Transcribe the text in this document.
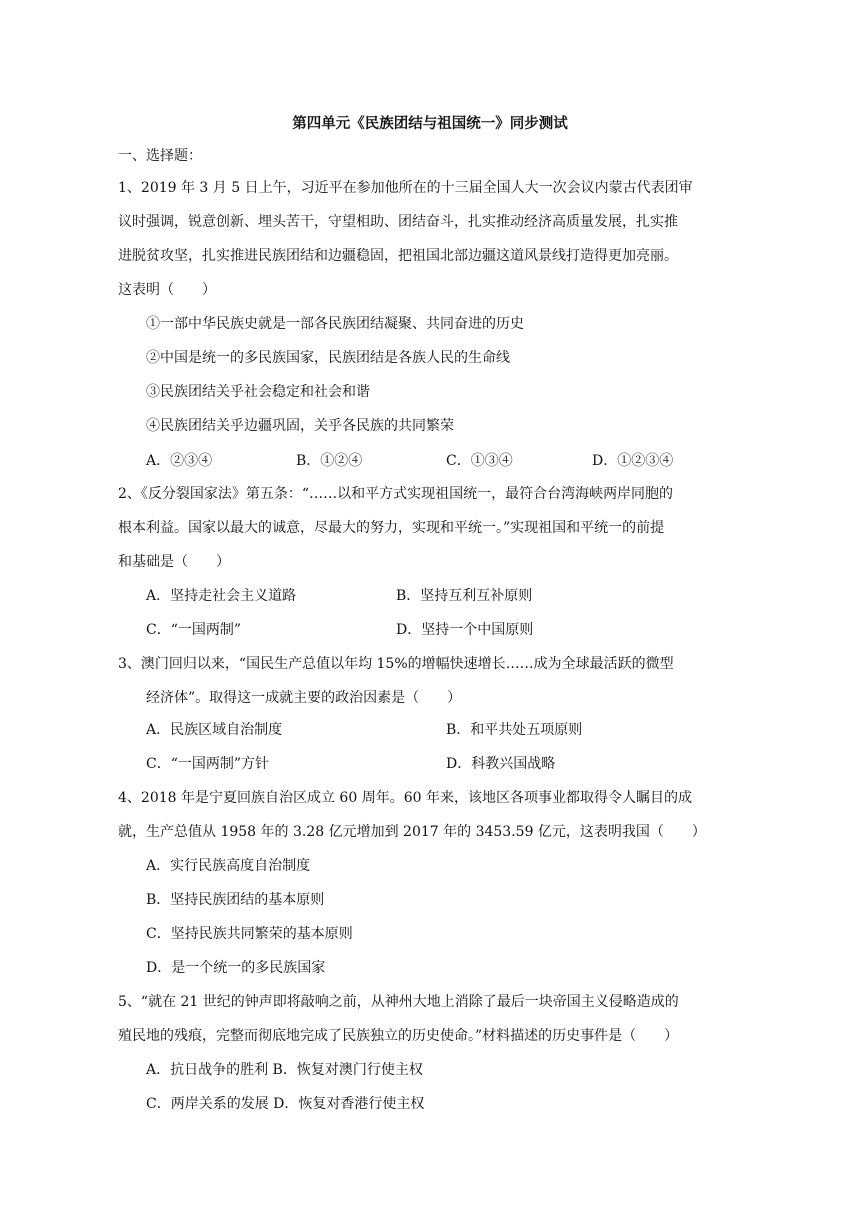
第四单元《民族团结与祖国统一》同步测试
一、选择题：
1、2019 年 3 月 5 日上午，习近平在参加他所在的十三届全国人大一次会议内蒙古代表团审
议时强调，锐意创新、埋头苦干，守望相助、团结奋斗，扎实推动经济高质量发展，扎实推
进脱贫攻坚，扎实推进民族团结和边疆稳固，把祖国北部边疆这道风景线打造得更加亮丽。
这表明（　　）
①一部中华民族史就是一部各民族团结凝聚、共同奋进的历史
②中国是统一的多民族国家，民族团结是各族人民的生命线
③民族团结关乎社会稳定和社会和谐
④民族团结关乎边疆巩固，关乎各民族的共同繁荣
A．②③④	B．①②④	C．①③④	D．①②③④
2、《反分裂国家法》第五条：“……以和平方式实现祖国统一，最符合台湾海峡两岸同胞的
根本利益。国家以最大的诚意，尽最大的努力，实现和平统一。”实现祖国和平统一的前提
和基础是（　　）
A．坚持走社会主义道路	B．坚持互利互补原则
C．“一国两制”	D．坚持一个中国原则
3、澳门回归以来，“国民生产总值以年均 15%的增幅快速增长……成为全球最活跃的微型
经济体”。取得这一成就主要的政治因素是（　　）
A．民族区域自治制度	B．和平共处五项原则
C．“一国两制”方针	D．科教兴国战略
4、2018 年是宁夏回族自治区成立 60 周年。60 年来，该地区各项事业都取得令人瞩目的成
就，生产总值从 1958 年的 3.28 亿元增加到 2017 年的 3453.59 亿元，这表明我国（　　）
A．实行民族高度自治制度
B．坚持民族团结的基本原则
C．坚持民族共同繁荣的基本原则
D．是一个统一的多民族国家
5、“就在 21 世纪的钟声即将敲响之前，从神州大地上消除了最后一块帝国主义侵略造成的
殖民地的残痕，完整而彻底地完成了民族独立的历史使命。”材料描述的历史事件是（　　）
A．抗日战争的胜利 B．恢复对澳门行使主权
C．两岸关系的发展 D．恢复对香港行使主权
